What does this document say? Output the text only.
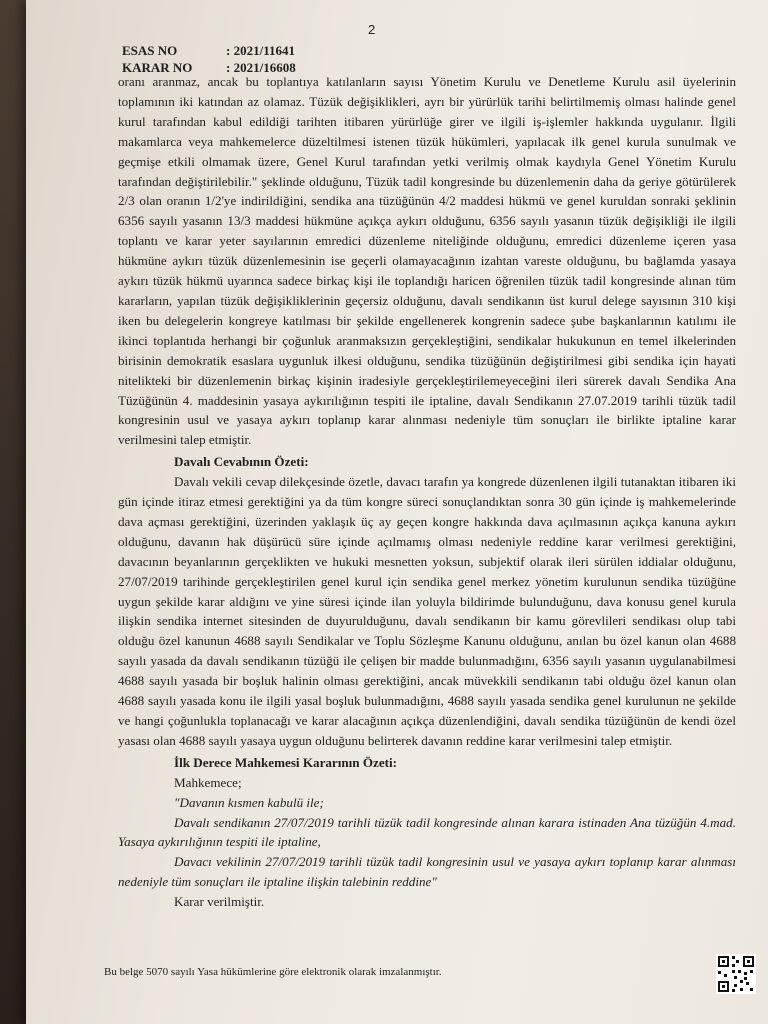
2
ESAS NO	: 2021/11641
KARAR NO	: 2021/16608

oranı aranmaz, ancak bu toplantıya katılanların sayısı Yönetim Kurulu ve Denetleme Kurulu asil üyelerinin toplamının iki katından az olamaz. Tüzük değişiklikleri, ayrı bir yürürlük tarihi belirtilmemiş olması halinde genel kurul tarafından kabul edildiği tarihten itibaren yürürlüğe girer ve ilgili iş-işlemler hakkında uygulanır. İlgili makamlarca veya mahkemelerce düzeltilmesi istenen tüzük hükümleri, yapılacak ilk genel kurula sunulmak ve geçmişe etkili olmamak üzere, Genel Kurul tarafından yetki verilmiş olmak kaydıyla Genel Yönetim Kurulu tarafından değiştirilebilir." şeklinde olduğunu, Tüzük tadil kongresinde bu düzenlemenin daha da geriye götürülerek 2/3 olan oranın 1/2'ye indirildiğini, sendika ana tüzüğünün 4/2 maddesi hükmü ve genel kuruldan sonraki şeklinin 6356 sayılı yasanın 13/3 maddesi hükmüne açıkça aykırı olduğunu, 6356 sayılı yasanın tüzük değişikliği ile ilgili toplantı ve karar yeter sayılarının emredici düzenleme niteliğinde olduğunu, emredici düzenleme içeren yasa hükmüne aykırı tüzük düzenlemesinin ise geçerli olamayacağının izahtan vareste olduğunu, bu bağlamda yasaya aykırı tüzük hükmü uyarınca sadece birkaç kişi ile toplandığı haricen öğrenilen tüzük tadil kongresinde alınan tüm kararların, yapılan tüzük değişikliklerinin geçersiz olduğunu, davalı sendikanın üst kurul delege sayısının 310 kişi iken bu delegelerin kongreye katılması bir şekilde engellenerek kongrenin sadece şube başkanlarının katılımı ile ikinci toplantıda herhangi bir çoğunluk aranmaksızın gerçekleştiğini, sendikalar hukukunun en temel ilkelerinden birisinin demokratik esaslara uygunluk ilkesi olduğunu, sendika tüzüğünün değiştirilmesi gibi sendika için hayati nitelikteki bir düzenlemenin birkaç kişinin iradesiyle gerçekleştirilemeyeceğini ileri sürerek davalı Sendika Ana Tüzüğünün 4. maddesinin yasaya aykırılığının tespiti ile iptaline, davalı Sendikanın 27.07.2019 tarihli tüzük tadil kongresinin usul ve yasaya aykırı toplanıp karar alınması nedeniyle tüm sonuçları ile birlikte iptaline karar verilmesini talep etmiştir.

Davalı Cevabının Özeti:

Davalı vekili cevap dilekçesinde özetle, davacı tarafın ya kongrede düzenlenen ilgili tutanaktan itibaren iki gün içinde itiraz etmesi gerektiğini ya da tüm kongre süreci sonuçlandıktan sonra 30 gün içinde iş mahkemelerinde dava açması gerektiğini, üzerinden yaklaşık üç ay geçen kongre hakkında dava açılmasının açıkça kanuna aykırı olduğunu, davanın hak düşürücü süre içinde açılmamış olması nedeniyle reddine karar verilmesi gerektiğini, davacının beyanlarının gerçeklikten ve hukuki mesnetten yoksun, subjektif olarak ileri sürülen iddialar olduğunu, 27/07/2019 tarihinde gerçekleştirilen genel kurul için sendika genel merkez yönetim kurulunun sendika tüzüğüne uygun şekilde karar aldığını ve yine süresi içinde ilan yoluyla bildirimde bulunduğunu, dava konusu genel kurula ilişkin sendika internet sitesinden de duyurulduğunu, davalı sendikanın bir kamu görevlileri sendikası olup tabi olduğu özel kanunun 4688 sayılı Sendikalar ve Toplu Sözleşme Kanunu olduğunu, anılan bu özel kanun olan 4688 sayılı yasada da davalı sendikanın tüzüğü ile çelişen bir madde bulunmadığını, 6356 sayılı yasanın uygulanabilmesi 4688 sayılı yasada bir boşluk halinin olması gerektiğini, ancak müvekkili sendikanın tabi olduğu özel kanun olan 4688 sayılı yasada konu ile ilgili yasal boşluk bulunmadığını, 4688 sayılı yasada sendika genel kurulunun ne şekilde ve hangi çoğunlukla toplanacağı ve karar alacağının açıkça düzenlendiğini, davalı sendika tüzüğünün de kendi özel yasası olan 4688 sayılı yasaya uygun olduğunu belirterek davanın reddine karar verilmesini talep etmiştir.

İlk Derece Mahkemesi Kararının Özeti:

Mahkemece;

"Davanın kısmen kabulü ile;

Davalı sendikanın 27/07/2019 tarihli tüzük tadil kongresinde alınan karara istinaden Ana tüzüğün 4.mad. Yasaya aykırılığının tespiti ile iptaline,

Davacı vekilinin 27/07/2019 tarihli tüzük tadil kongresinin usul ve yasaya aykırı toplanıp karar alınması nedeniyle tüm sonuçları ile iptaline ilişkin talebinin reddine"

Karar verilmiştir.

Bu belge 5070 sayılı Yasa hükümlerine göre elektronik olarak imzalanmıştır.
